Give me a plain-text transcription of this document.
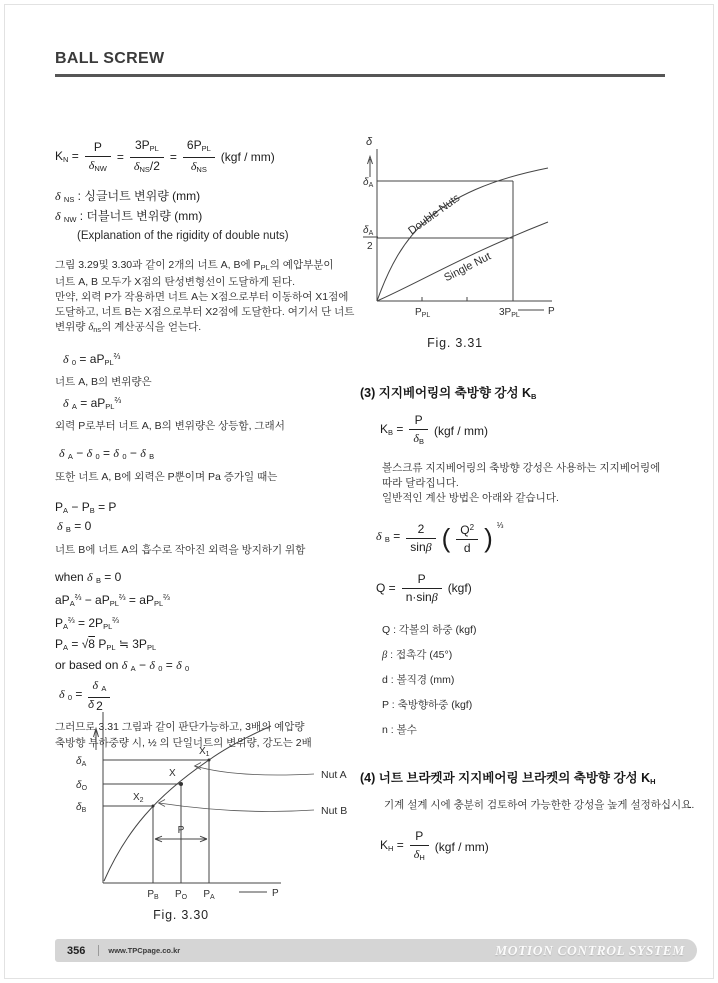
BALL SCREW
$K_N = \frac{P}{\delta_{NW}} = \frac{3P_{PL}}{\delta_{NS}/2} = \frac{6P_{PL}}{\delta_{NS}} (kgf / mm)$
δ $_{NS}$ : 싱글너트 변위량 (mm)
δ $_{NW}$ : 더블너트 변위량 (mm)
(Explanation of the rigidity of double nuts)
그림 3.29및 3.30과 같이 2개의 너트 A, B에 $P_{PL}$의 예압부분이
너트 A, B 모두가 X점의 탄성변형선이 도달하게 된다.
만약, 외력 P가 작용하면 너트 A는 X점으로부터 이동하여 X1점에
도달하고, 너트 B는 X점으로부터 X2점에 도달한다. 여기서 단 너트
변위량 $\delta_{ns}$의 계산공식을 얻는다.
δ $_0 = aP_{PL}^{\frac{2}{3}}$
너트 A, B의 변위량은
δ $_A = aP_{PL}^{\frac{2}{3}}$
외력 P로부터 너트 A, B의 변위량은 상등함, 그래서
δ $_A$ − δ $_0$ = δ $_0$ − δ $_B$
또한 너트 A, B에 외력은 P뿐이며 Pa 증가일 때는
$P_A - P_B = P$
δ $_B$ = 0
너트 B에 너트 A의 흡수로 작아진 외력을 방지하기 위함
when δ $_B$ = 0
$aP_A^{\frac{2}{3}} - aP_{PL}^{\frac{2}{3}} = aP_{PL}^{\frac{2}{3}}$
$P_A^{\frac{2}{3}} = 2P_{PL}^{\frac{2}{3}}$
$P_A = √8$ $P_{PL}$ ≒ $3P_{PL}$
or based on δ $_A$ − δ $_0$ = δ $_0$
δ $_0 = \frac{\delta _A}{2}$
그러므로 3.31 그림과 같이 판단가능하고, 3배의 예압량
축방향 부하중량 시, ½ 의 단일너트의 변위량, 강도는 2배
δ
$\delta_A$
$\delta_A$
2
Double Nuts
Single Nut
$P_{PL}$	$3P_{PL}$	P
Fig. 3.31
(3) 지지베어링의 축방향 강성 $K_B$
$K_B = \frac{P}{\delta_B} (kgf / mm)$
볼스크류 지지베어링의 축방향 강성은 사용하는 지지베어링에
따라 달라집니다.
일반적인 계산 방법은 아래와 같습니다.
δ $_B = \frac{2}{\sin\beta}$ ( $\frac{Q^2}{d}$ ) ⅓
$Q = \frac{P}{n\cdot\sin\beta} (kgf)$
Q : 각볼의 하중 (kgf)
β : 접촉각 (45°)
d : 볼직경 (mm)
P : 축방향하중 (kgf)
n : 볼수
(4) 너트 브라켓과 지지베어링 브라켓의 축방향 강성 $K_H$
기계 설계 시에 충분히 검토하여 가능한한 강성을 높게 설정하십시요.
$K_H = \frac{P}{\delta_H} (kgf / mm)$
δ
$\delta_A$
$\delta_O$
$\delta_B$
$X_1$
X
$X_2$
Nut A
Nut B
P
$P_B$ $P_O$ $P_A$	P
Fig. 3.30
356	www.TPCpage.co.kr	MOTION CONTROL SYSTEM
